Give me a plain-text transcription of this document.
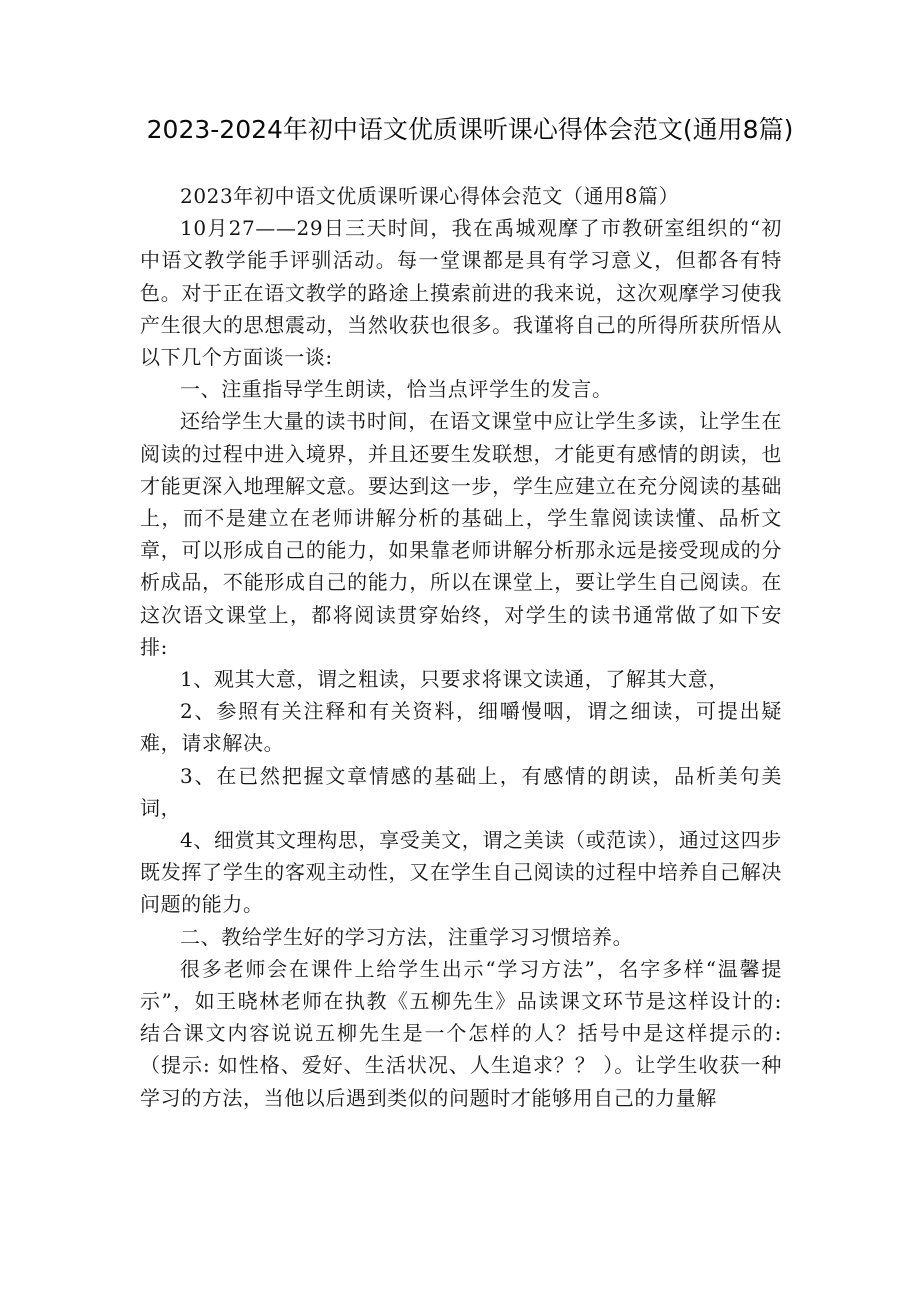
2023-2024年初中语文优质课听课心得体会范文(通用8篇)

2023年初中语文优质课听课心得体会范文（通用8篇）

10月27——29日三天时间，我在禹城观摩了市教研室组织的“初中语文教学能手评驯活动。每一堂课都是具有学习意义，但都各有特色。对于正在语文教学的路途上摸索前进的我来说，这次观摩学习使我产生很大的思想震动，当然收获也很多。我谨将自己的所得所获所悟从以下几个方面谈一谈:

一、注重指导学生朗读，恰当点评学生的发言。

还给学生大量的读书时间，在语文课堂中应让学生多读，让学生在阅读的过程中进入境界，并且还要生发联想，才能更有感情的朗读，也才能更深入地理解文意。要达到这一步，学生应建立在充分阅读的基础上，而不是建立在老师讲解分析的基础上，学生靠阅读读懂、品析文章，可以形成自己的能力，如果靠老师讲解分析那永远是接受现成的分析成品，不能形成自己的能力，所以在课堂上，要让学生自己阅读。在这次语文课堂上，都将阅读贯穿始终，对学生的读书通常做了如下安排:

1、观其大意，谓之粗读，只要求将课文读通，了解其大意，

2、参照有关注释和有关资料，细嚼慢咽，谓之细读，可提出疑难，请求解决。

3、在已然把握文章情感的基础上，有感情的朗读，品析美句美词，

4、细赏其文理构思，享受美文，谓之美读（或范读），通过这四步既发挥了学生的客观主动性，又在学生自己阅读的过程中培养自己解决问题的能力。

二、教给学生好的学习方法，注重学习习惯培养。

很多老师会在课件上给学生出示“学习方法”，名字多样“温馨提示”，如王晓林老师在执教《五柳先生》品读课文环节是这样设计的: 结合课文内容说说五柳先生是一个怎样的人？括号中是这样提示的:（提示: 如性格、爱好、生活状况、人生追求？？ ）。让学生收获一种学习的方法，当他以后遇到类似的问题时才能够用自己的力量解
